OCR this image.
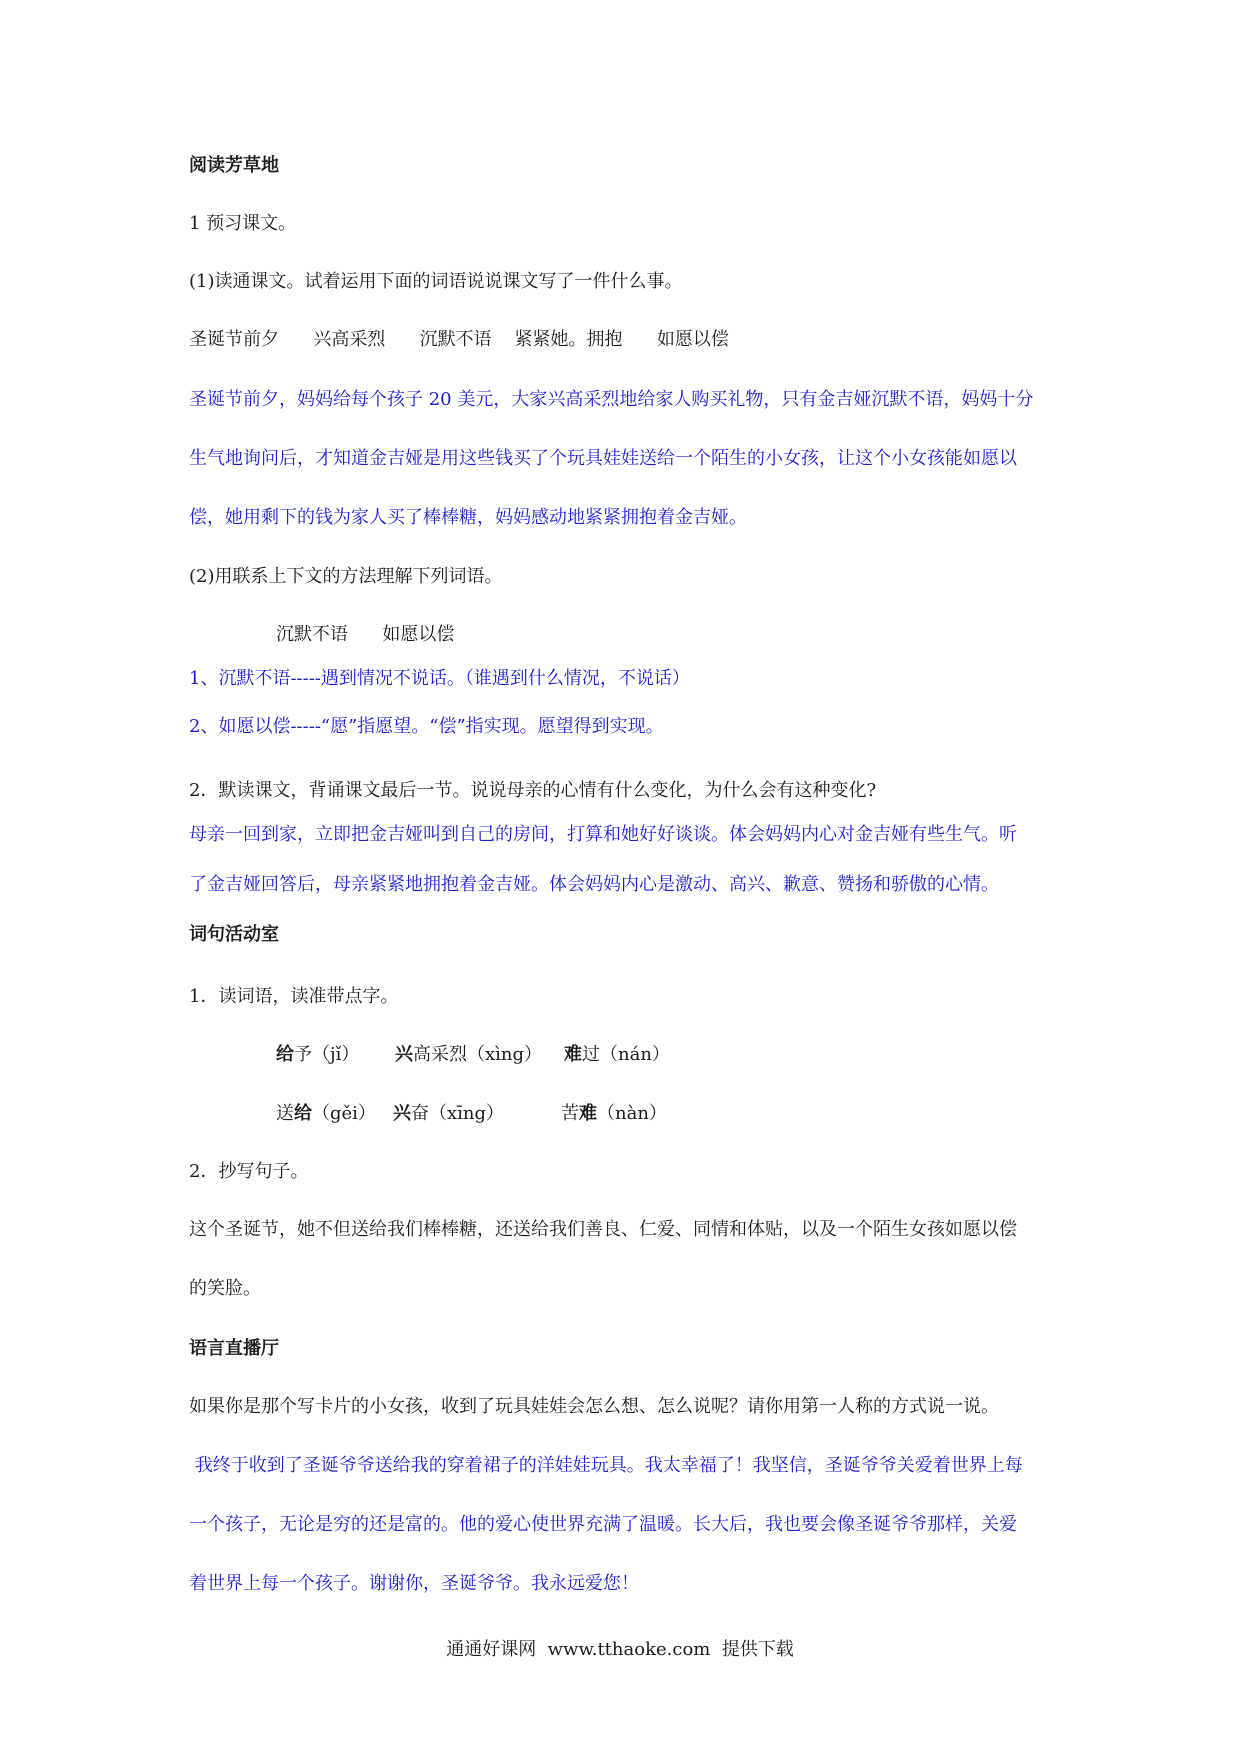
阅读芳草地
1 预习课文。
(1)读通课文。试着运用下面的词语说说课文写了一件什么事。
圣诞节前夕      兴高采烈      沉默不语    紧紧她。拥抱      如愿以偿
圣诞节前夕，妈妈给每个孩子 20 美元，大家兴高采烈地给家人购买礼物，只有金吉娅沉默不语，妈妈十分
生气地询问后，才知道金吉娅是用这些钱买了个玩具娃娃送给一个陌生的小女孩，让这个小女孩能如愿以
偿，她用剩下的钱为家人买了棒棒糖，妈妈感动地紧紧拥抱着金吉娅。
(2)用联系上下文的方法理解下列词语。
沉默不语      如愿以偿
1、沉默不语-----遇到情况不说话。（谁遇到什么情况，不说话）
2、如愿以偿-----“愿”指愿望。“偿”指实现。愿望得到实现。
2．默读课文，背诵课文最后一节。说说母亲的心情有什么变化，为什么会有这种变化?
母亲一回到家，立即把金吉娅叫到自己的房间，打算和她好好谈谈。体会妈妈内心对金吉娅有些生气。听
了金吉娅回答后，母亲紧紧地拥抱着金吉娅。体会妈妈内心是激动、高兴、歉意、赞扬和骄傲的心情。
词句活动室
1．读词语，读准带点字。
给予（jǐ） 兴高采烈（xìng） 难过（nán）
送给（gěi） 兴奋（xīng）	苦难（nàn）
2．抄写句子。
这个圣诞节，她不但送给我们棒棒糖，还送给我们善良、仁爱、同情和体贴，以及一个陌生女孩如愿以偿
的笑脸。
语言直播厅
如果你是那个写卡片的小女孩，收到了玩具娃娃会怎么想、怎么说呢？请你用第一人称的方式说一说。
我终于收到了圣诞爷爷送给我的穿着裙子的洋娃娃玩具。我太幸福了！我坚信，圣诞爷爷关爱着世界上每
一个孩子，无论是穷的还是富的。他的爱心使世界充满了温暖。长大后，我也要会像圣诞爷爷那样，关爱
着世界上每一个孩子。谢谢你，圣诞爷爷。我永远爱您！
通通好课网  www.tthaoke.com  提供下载
